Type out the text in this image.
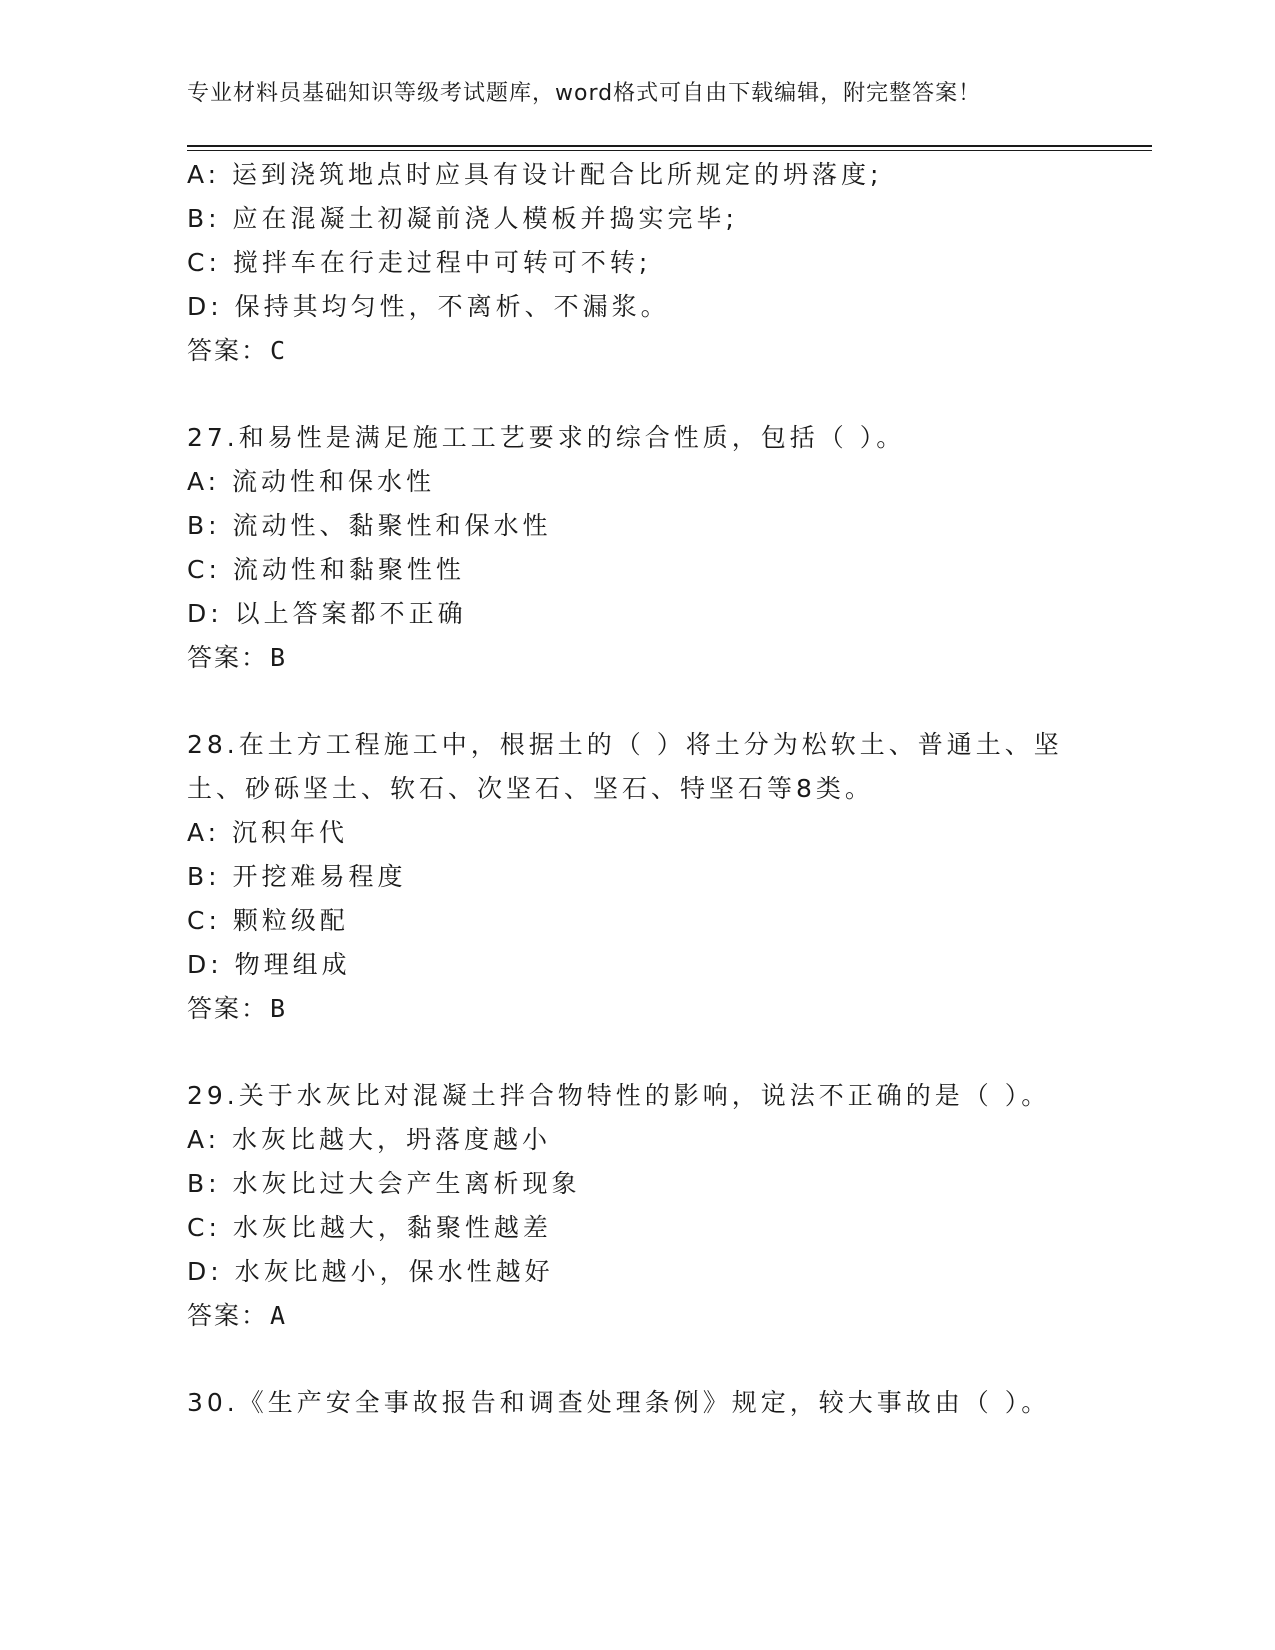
专业材料员基础知识等级考试题库，word格式可自由下载编辑，附完整答案！
A: 运到浇筑地点时应具有设计配合比所规定的坍落度;
B: 应在混凝土初凝前浇人模板并捣实完毕;
C: 搅拌车在行走过程中可转可不转;
D: 保持其均匀性，不离析、不漏浆。
答案：C
27.和易性是满足施工工艺要求的综合性质，包括（ ）。
A: 流动性和保水性
B: 流动性、黏聚性和保水性
C: 流动性和黏聚性性
D: 以上答案都不正确
答案：B
28.在土方工程施工中，根据土的（ ）将土分为松软土、普通土、坚
土、砂砾坚土、软石、次坚石、坚石、特坚石等8类。
A: 沉积年代
B: 开挖难易程度
C: 颗粒级配
D: 物理组成
答案：B
29.关于水灰比对混凝土拌合物特性的影响，说法不正确的是（ ）。
A: 水灰比越大，坍落度越小
B: 水灰比过大会产生离析现象
C: 水灰比越大，黏聚性越差
D: 水灰比越小，保水性越好
答案：A
30.《生产安全事故报告和调查处理条例》规定，较大事故由（ ）。
